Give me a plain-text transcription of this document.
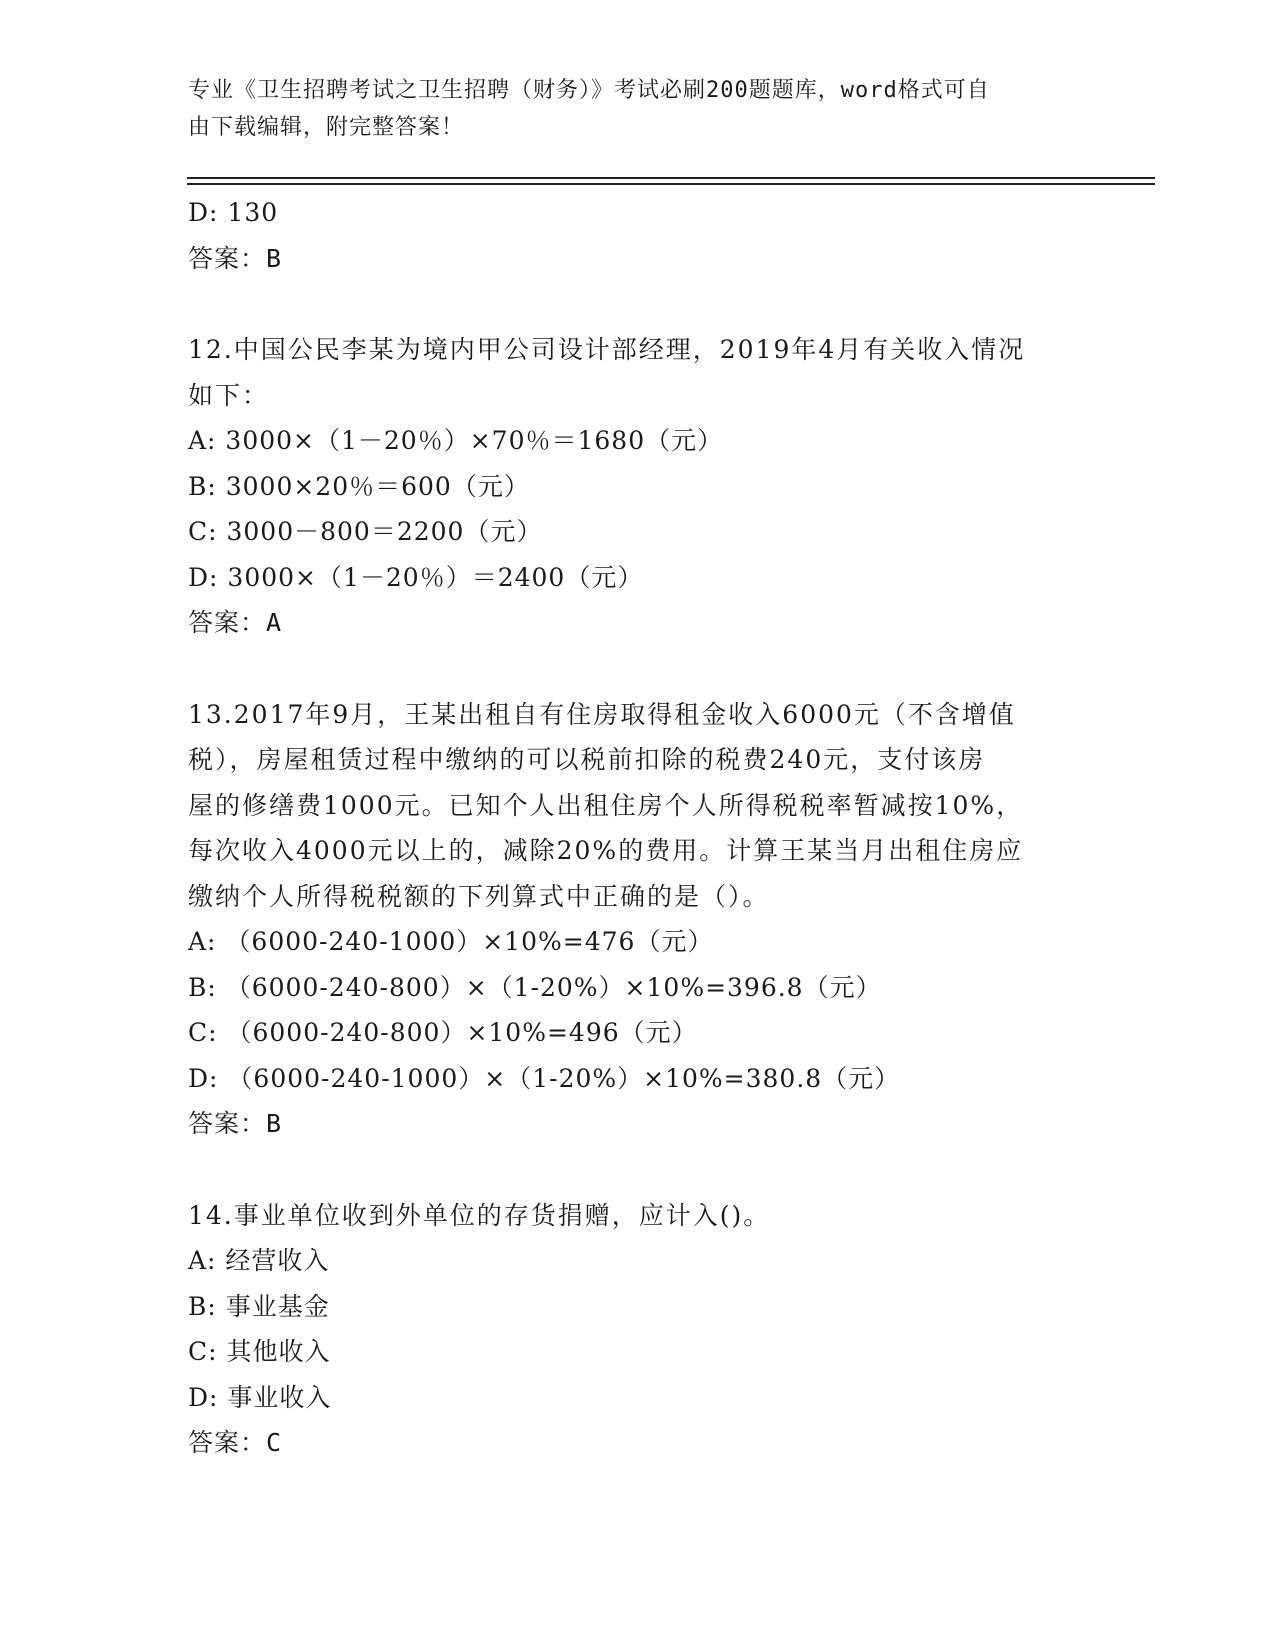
专业《卫生招聘考试之卫生招聘（财务）》考试必刷200题题库，word格式可自
由下载编辑，附完整答案！
D: 130
答案：B
12.中国公民李某为境内甲公司设计部经理，2019年4月有关收入情况
如下：
A: 3000×（1－20％）×70％＝1680（元）
B: 3000×20％＝600（元）
C: 3000－800＝2200（元）
D: 3000×（1－20％）＝2400（元）
答案：A
13.2017年9月，王某出租自有住房取得租金收入6000元（不含增值
税），房屋租赁过程中缴纳的可以税前扣除的税费240元，支付该房
屋的修缮费1000元。已知个人出租住房个人所得税税率暂减按10%，
每次收入4000元以上的，减除20%的费用。计算王某当月出租住房应
缴纳个人所得税税额的下列算式中正确的是（）。
A: （6000-240-1000）×10%=476（元）
B: （6000-240-800）×（1-20%）×10%=396.8（元）
C: （6000-240-800）×10%=496（元）
D: （6000-240-1000）×（1-20%）×10%=380.8（元）
答案：B
14.事业单位收到外单位的存货捐赠，应计入()。
A: 经营收入
B: 事业基金
C: 其他收入
D: 事业收入
答案：C
